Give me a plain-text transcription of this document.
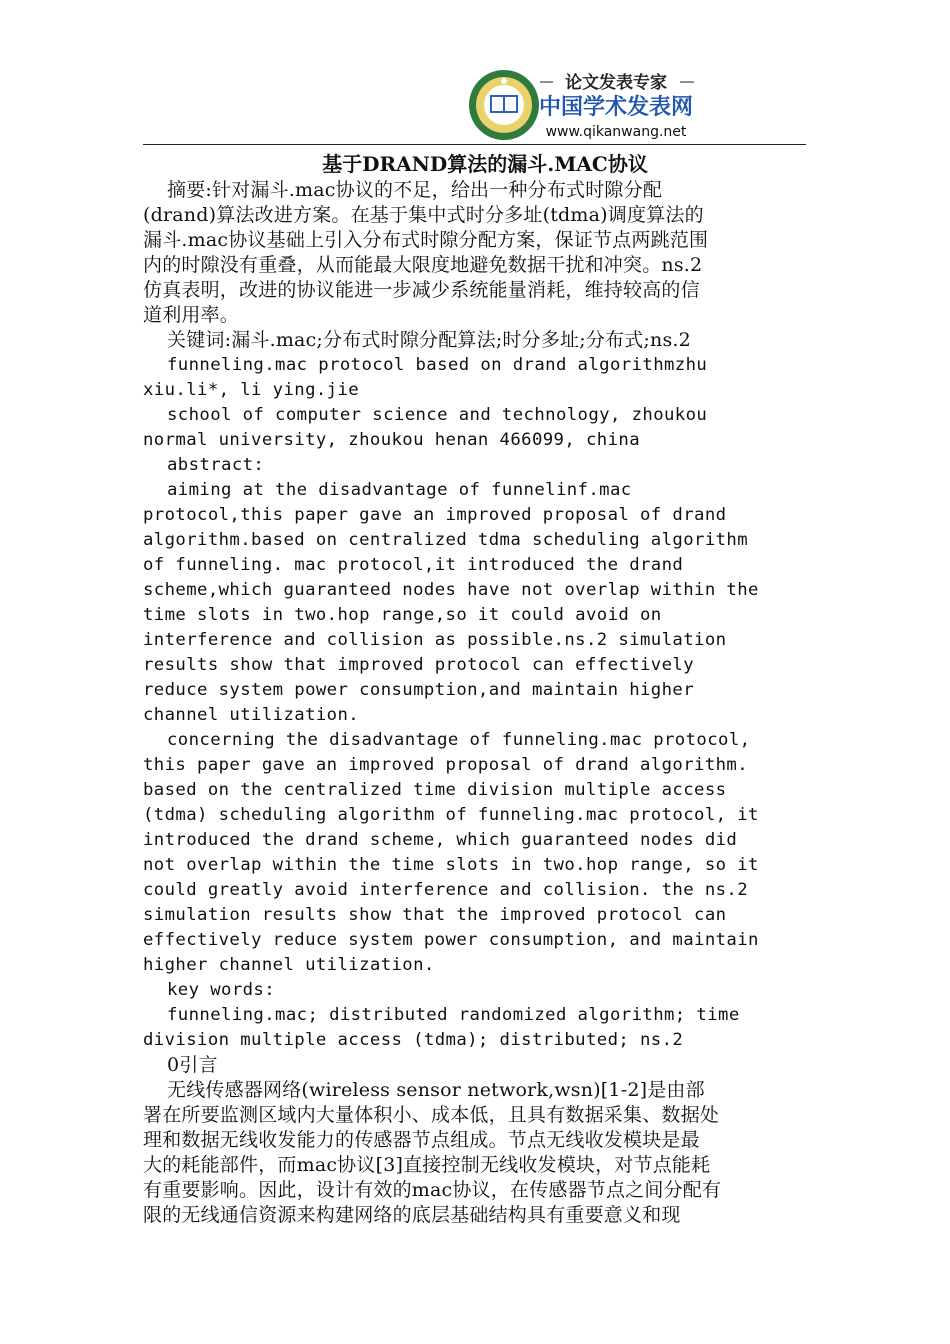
论文发表专家
中国学术发表网
www.qikanwang.net
基于DRAND算法的漏斗.MAC协议

摘要:针对漏斗.mac协议的不足，给出一种分布式时隙分配
(drand)算法改进方案。在基于集中式时分多址(tdma)调度算法的
漏斗.mac协议基础上引入分布式时隙分配方案，保证节点两跳范围
内的时隙没有重叠，从而能最大限度地避免数据干扰和冲突。ns.2
仿真表明，改进的协议能进一步减少系统能量消耗，维持较高的信
道利用率。

关键词:漏斗.mac;分布式时隙分配算法;时分多址;分布式;ns.2

funneling.mac protocol based on drand algorithmzhu
xiu.li*, li ying.jie

school of computer science and technology, zhoukou
normal university, zhoukou henan 466099, china

abstract:

aiming at the disadvantage of funnelinf.mac
protocol,this paper gave an improved proposal of drand
algorithm.based on centralized tdma scheduling algorithm
of funneling. mac protocol,it introduced the drand
scheme,which guaranteed nodes have not overlap within the
time slots in two.hop range,so it could avoid on
interference and collision as possible.ns.2 simulation
results show that improved protocol can effectively
reduce system power consumption,and maintain higher
channel utilization.

concerning the disadvantage of funneling.mac protocol,
this paper gave an improved proposal of drand algorithm.
based on the centralized time division multiple access
(tdma) scheduling algorithm of funneling.mac protocol, it
introduced the drand scheme, which guaranteed nodes did
not overlap within the time slots in two.hop range, so it
could greatly avoid interference and collision. the ns.2
simulation results show that the improved protocol can
effectively reduce system power consumption, and maintain
higher channel utilization.

key words:

funneling.mac; distributed randomized algorithm; time
division multiple access (tdma); distributed; ns.2

0引言

无线传感器网络(wireless sensor network,wsn)[1-2]是由部
署在所要监测区域内大量体积小、成本低，且具有数据采集、数据处
理和数据无线收发能力的传感器节点组成。节点无线收发模块是最
大的耗能部件，而mac协议[3]直接控制无线收发模块，对节点能耗
有重要影响。因此，设计有效的mac协议，在传感器节点之间分配有
限的无线通信资源来构建网络的底层基础结构具有重要意义和现
